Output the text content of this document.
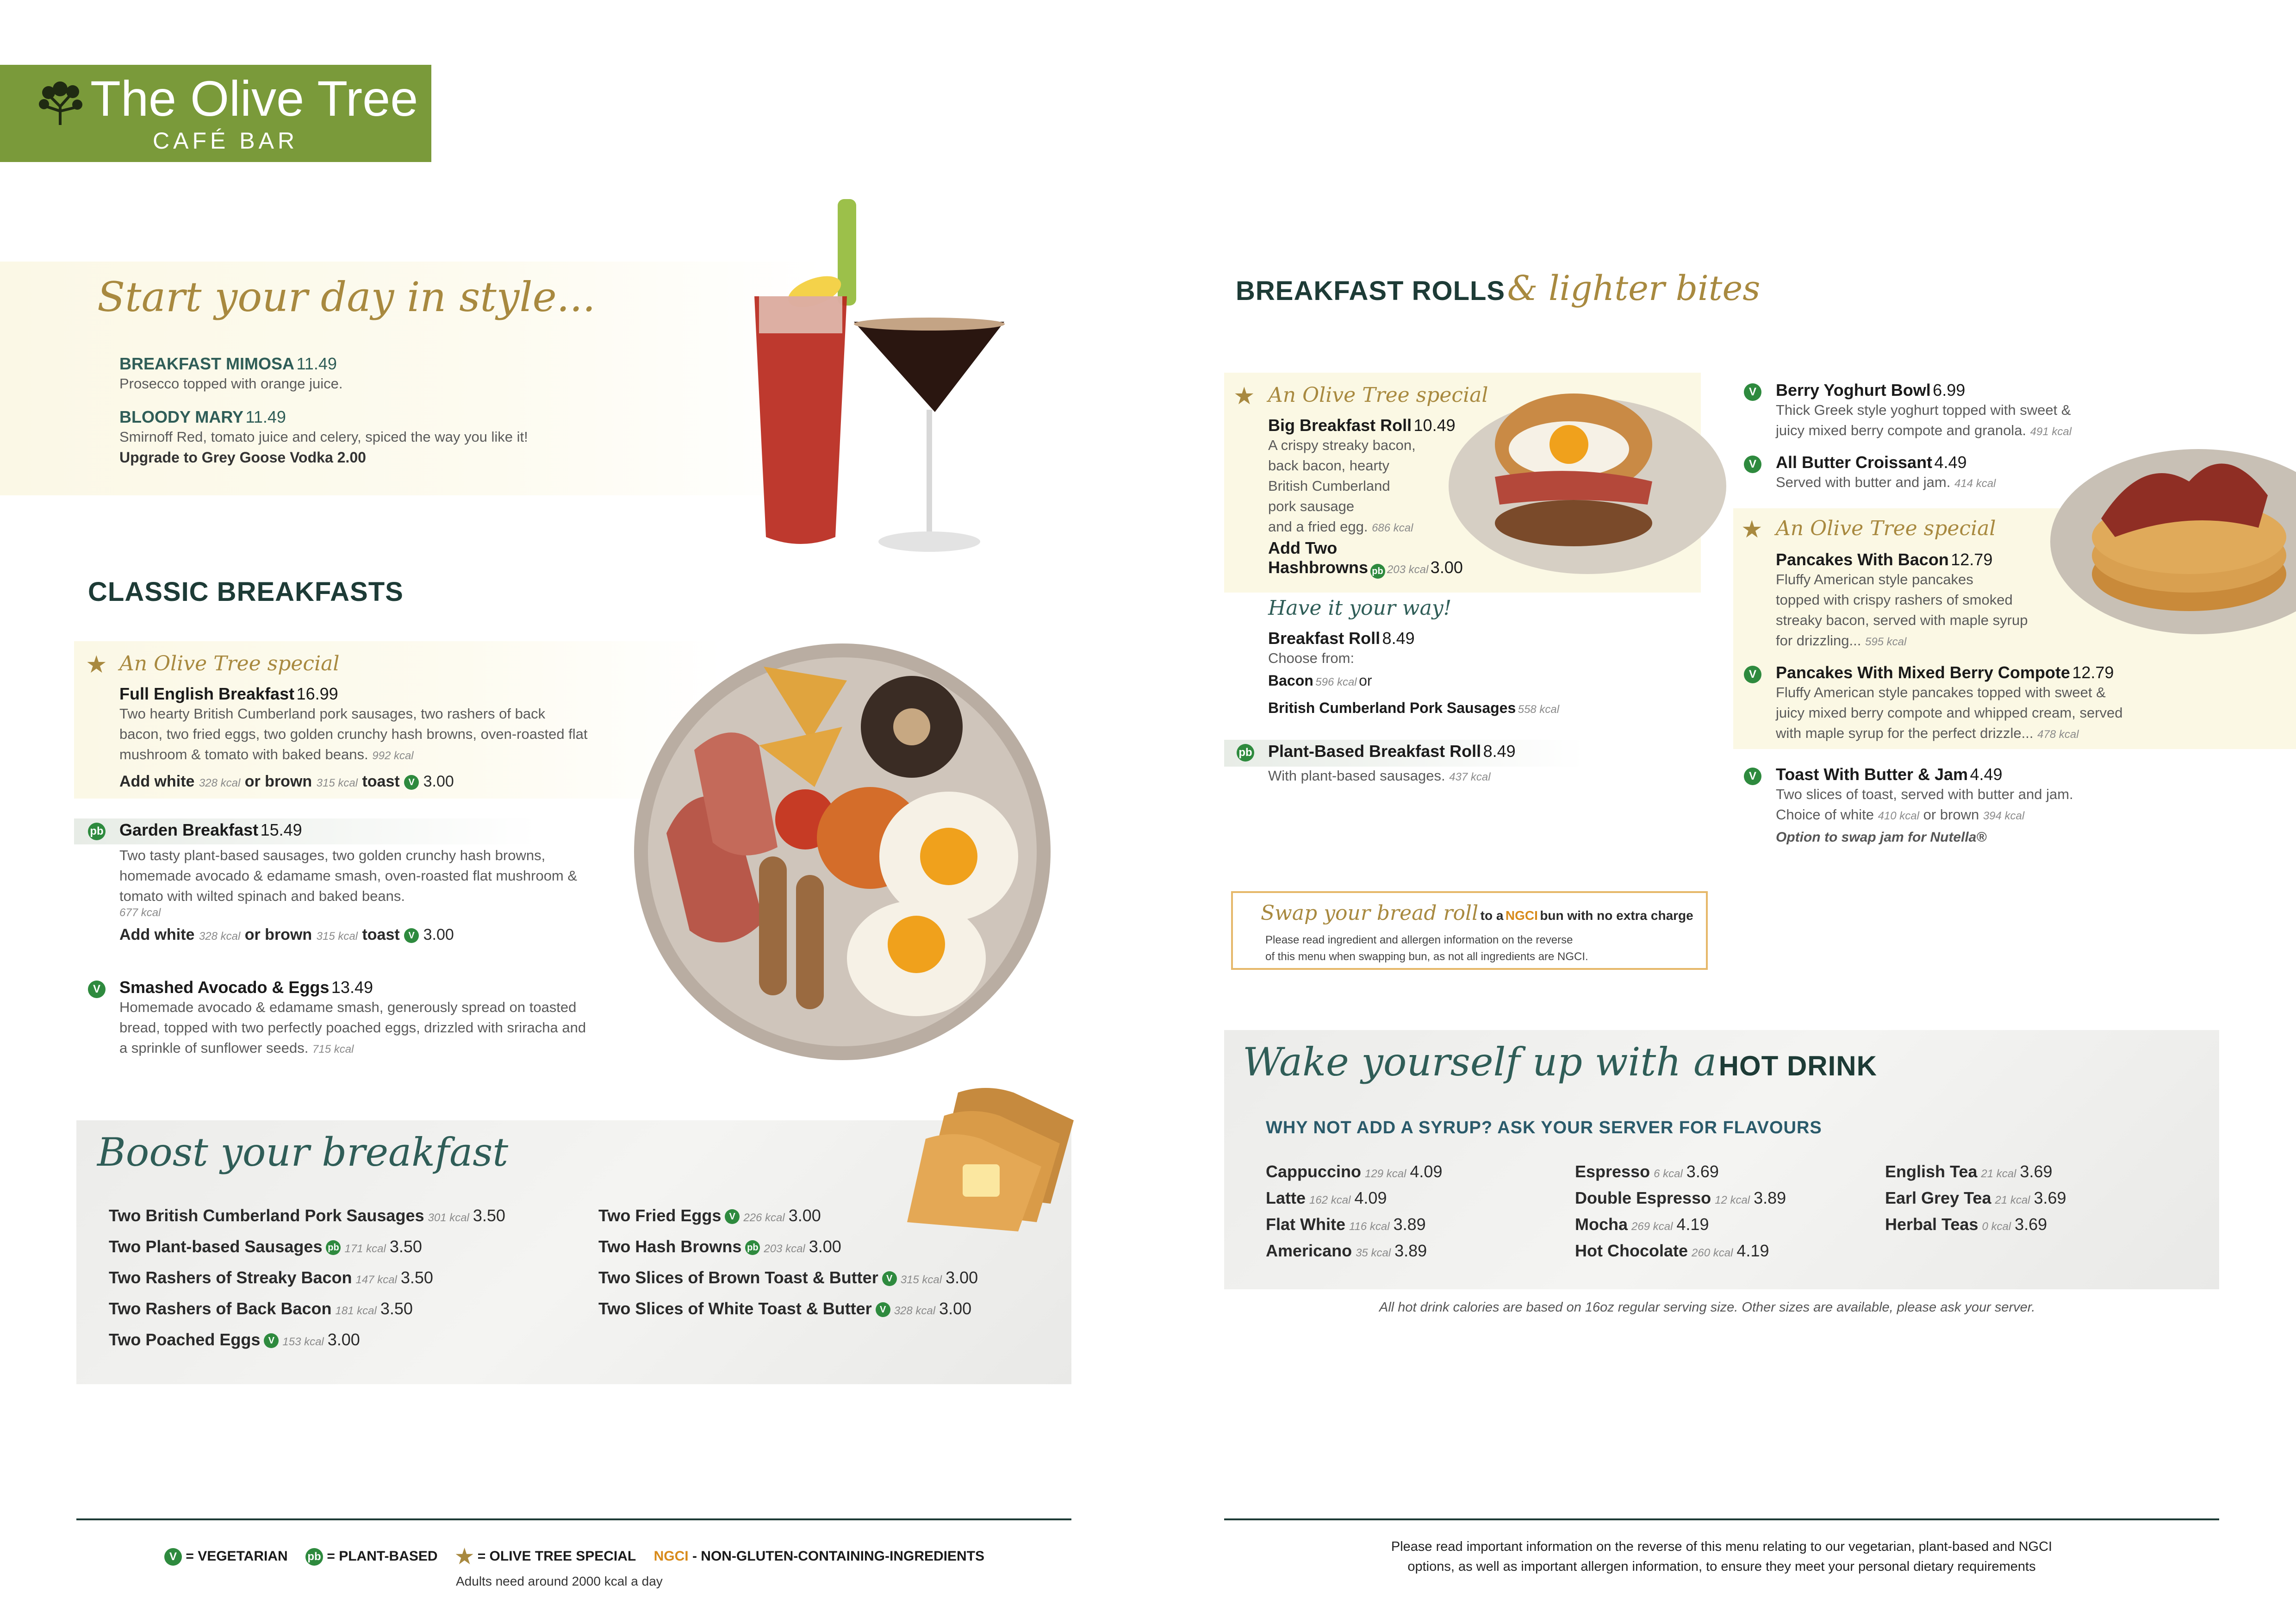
The Olive Tree
CAFÉ BAR
Start your day in style...
BREAKFAST MIMOSA 11.49
Prosecco topped with orange juice.
BLOODY MARY 11.49
Smirnoff Red, tomato juice and celery, spiced the way you like it!
Upgrade to Grey Goose Vodka 2.00
CLASSIC BREAKFASTS
★ An Olive Tree special
Full English Breakfast 16.99
Two hearty British Cumberland pork sausages, two rashers of back bacon, two fried eggs, two golden crunchy hash browns, oven-roasted flat mushroom & tomato with baked beans. 992 kcal
Add white 328 kcal or brown 315 kcal toast V 3.00
pb Garden Breakfast 15.49
Two tasty plant-based sausages, two golden crunchy hash browns, homemade avocado & edamame smash, oven-roasted flat mushroom & tomato with wilted spinach and baked beans.
677 kcal
Add white 328 kcal or brown 315 kcal toast V 3.00
V	Smashed Avocado & Eggs 13.49
Homemade avocado & edamame smash, generously spread on toasted bread, topped with two perfectly poached eggs, drizzled with sriracha and a sprinkle of sunflower seeds. 715 kcal
Boost your breakfast
Two British Cumberland Pork Sausages 301 kcal 3.50
Two Plant-based Sausages pb 171 kcal 3.50
Two Rashers of Streaky Bacon 147 kcal 3.50
Two Rashers of Back Bacon 181 kcal 3.50
Two Poached Eggs V 153 kcal 3.00
Two Fried Eggs V 226 kcal 3.00
Two Hash Browns pb 203 kcal 3.00
Two Slices of Brown Toast & Butter V 315 kcal 3.00
Two Slices of White Toast & Butter V 328 kcal 3.00
V = VEGETARIAN pb = PLANT-BASED ★ = OLIVE TREE SPECIAL NGCI - NON-GLUTEN-CONTAINING-INGREDIENTS
Adults need around 2000 kcal a day
BREAKFAST ROLLS & lighter bites
★ An Olive Tree special
Big Breakfast Roll 10.49
A crispy streaky bacon,
back bacon, hearty
British Cumberland
pork sausage
and a fried egg. 686 kcal
Add Two
Hashbrowns pb 203 kcal 3.00
Have it your way!
Breakfast Roll 8.49
Choose from:
Bacon 596 kcal or
British Cumberland Pork Sausages 558 kcal
pb Plant-Based Breakfast Roll 8.49
With plant-based sausages. 437 kcal
Swap your bread roll to a NGCI bun with no extra charge
Please read ingredient and allergen information on the reverse
of this menu when swapping bun, as not all ingredients are NGCI.
V	Berry Yoghurt Bowl 6.99
Thick Greek style yoghurt topped with sweet &
juicy mixed berry compote and granola. 491 kcal
V	All Butter Croissant 4.49
Served with butter and jam. 414 kcal
★ An Olive Tree special
Pancakes With Bacon 12.79
Fluffy American style pancakes
topped with crispy rashers of smoked
streaky bacon, served with maple syrup
for drizzling... 595 kcal
V	Pancakes With Mixed Berry Compote 12.79
Fluffy American style pancakes topped with sweet &
juicy mixed berry compote and whipped cream, served
with maple syrup for the perfect drizzle... 478 kcal
V	Toast With Butter & Jam 4.49
Two slices of toast, served with butter and jam.
Choice of white 410 kcal or brown 394 kcal
Option to swap jam for Nutella®
Wake yourself up with a HOT DRINK
WHY NOT ADD A SYRUP? ASK YOUR SERVER FOR FLAVOURS
Cappuccino 129 kcal 4.09
Latte 162 kcal 4.09
Flat White 116 kcal 3.89
Americano 35 kcal 3.89
Espresso 6 kcal 3.69
Double Espresso 12 kcal 3.89
Mocha 269 kcal 4.19
Hot Chocolate 260 kcal 4.19
English Tea 21 kcal 3.69
Earl Grey Tea 21 kcal 3.69
Herbal Teas 0 kcal 3.69
All hot drink calories are based on 16oz regular serving size. Other sizes are available, please ask your server.
Please read important information on the reverse of this menu relating to our vegetarian, plant-based and NGCI
options, as well as important allergen information, to ensure they meet your personal dietary requirements
